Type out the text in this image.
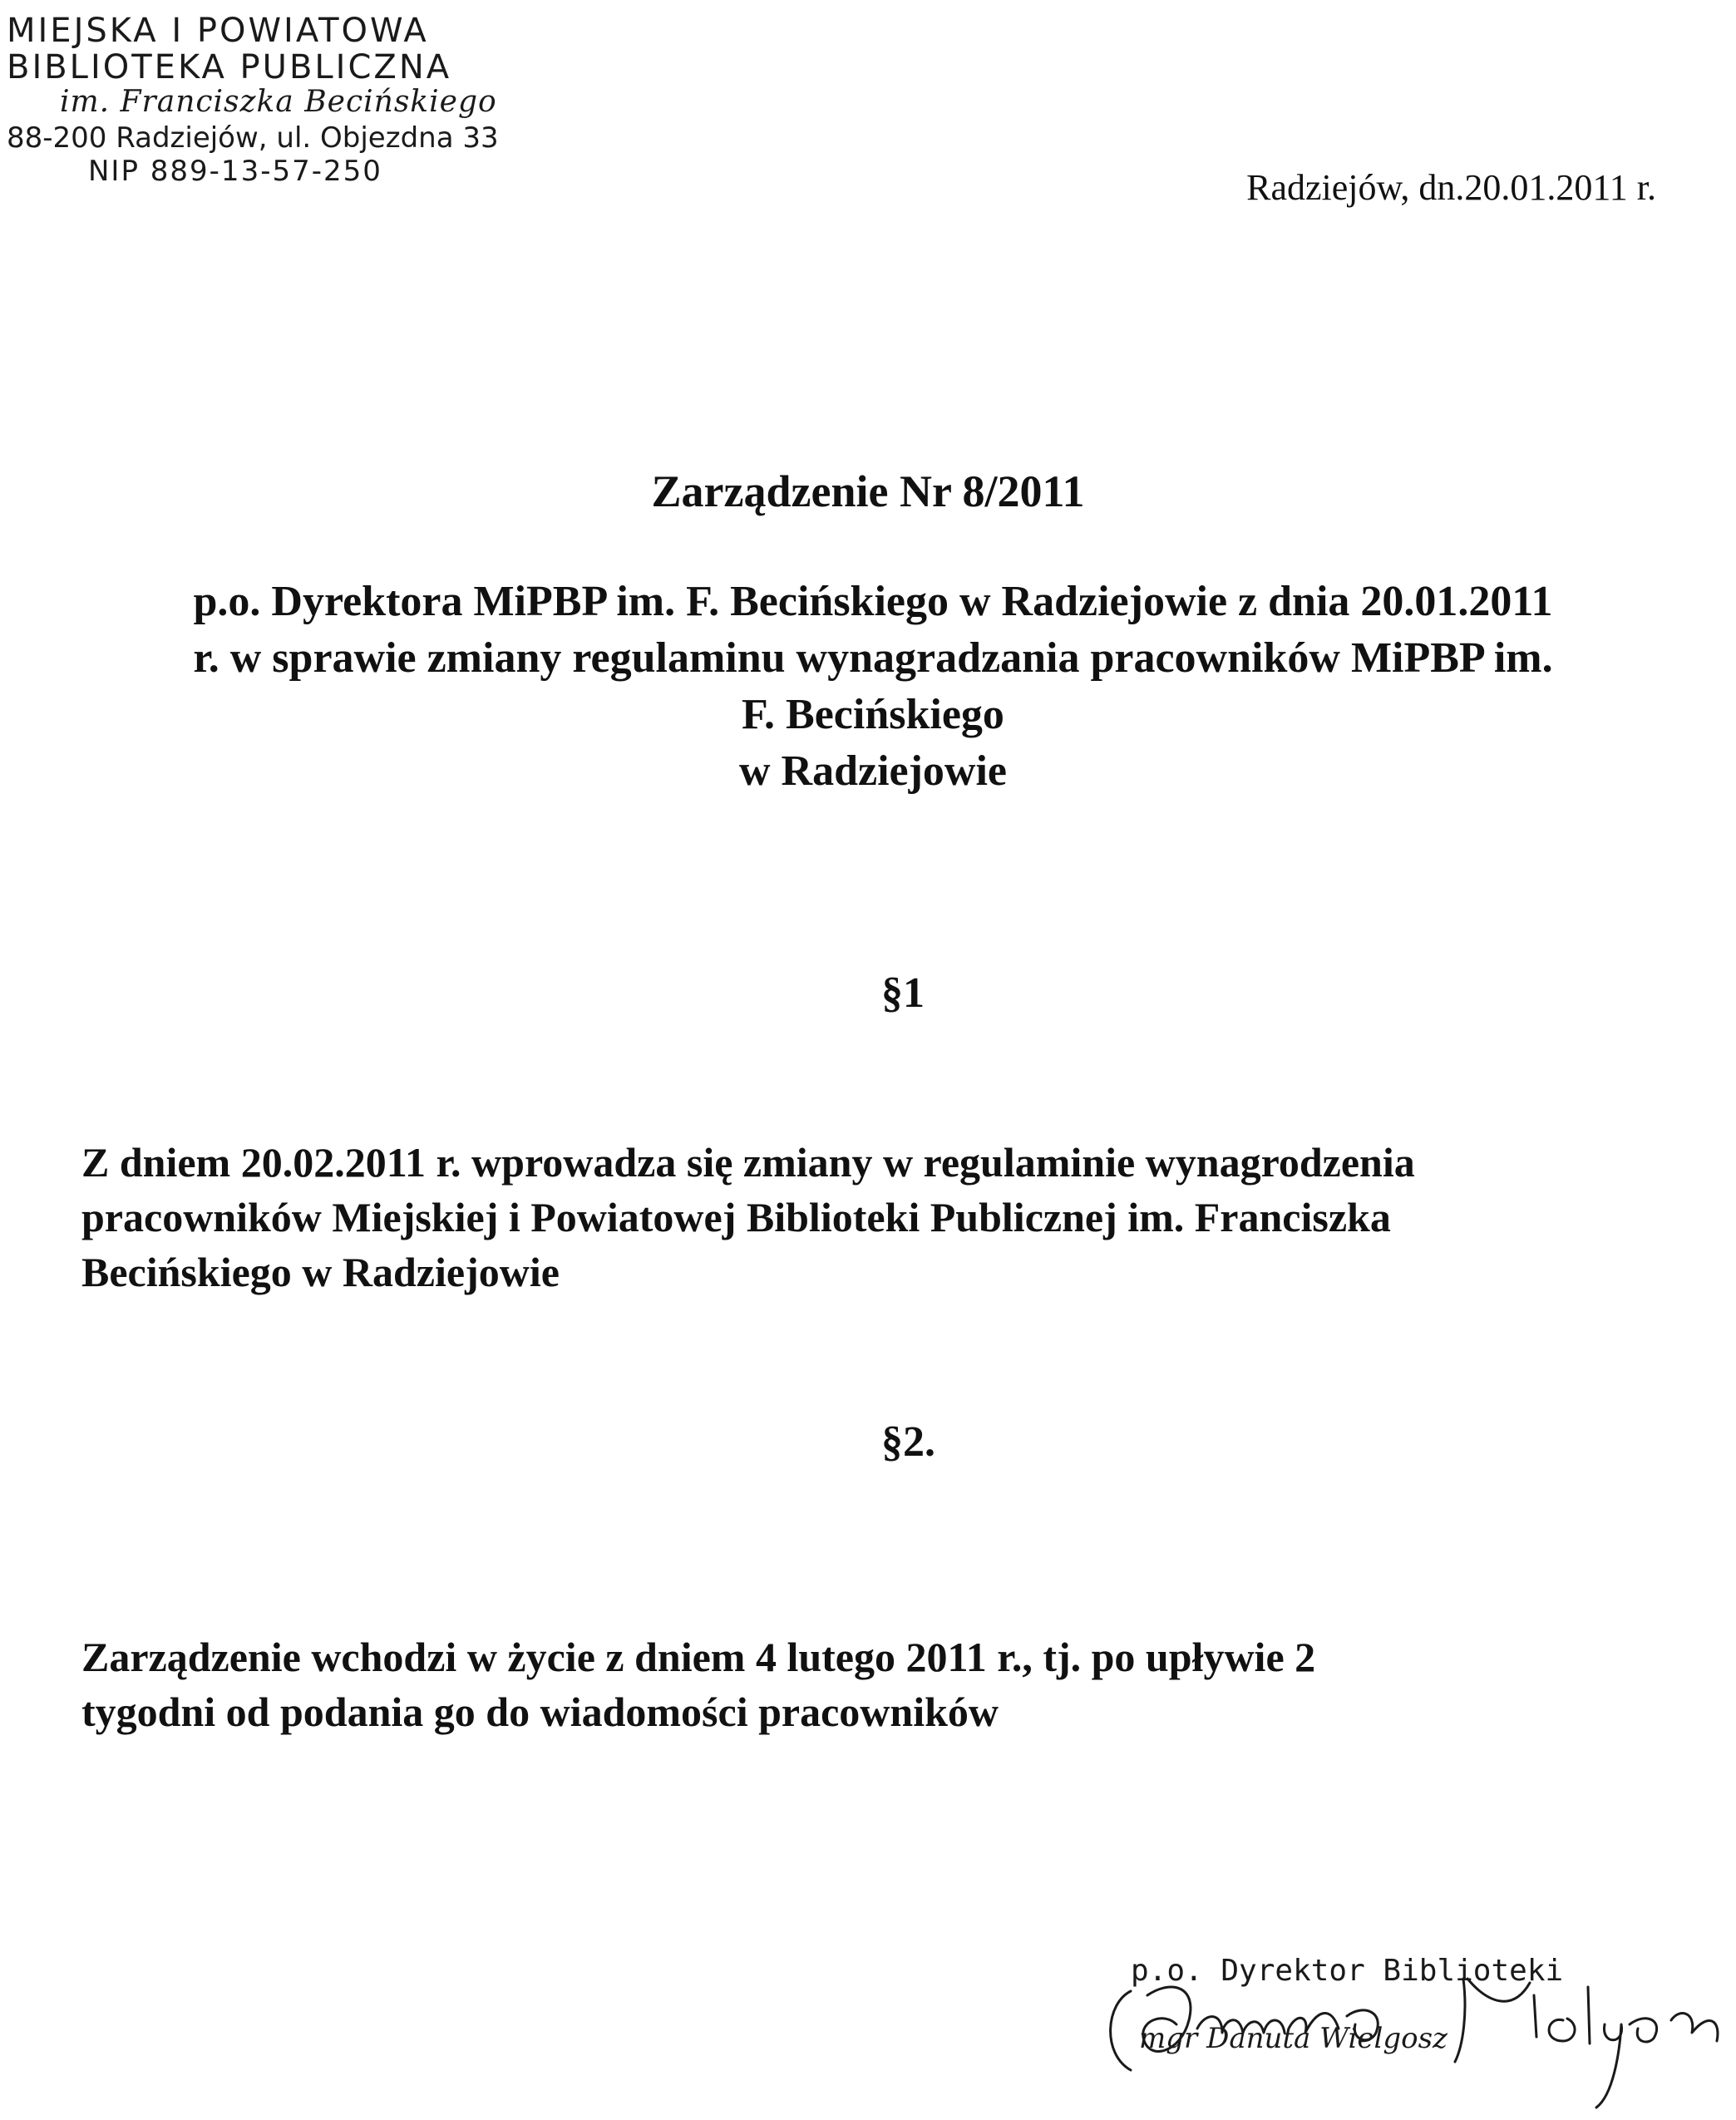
MIEJSKA I POWIATOWA
BIBLIOTEKA PUBLICZNA
im. Franciszka Becińskiego
88-200 Radziejów, ul. Objezdna 33
NIP 889-13-57-250	Radziejów, dn.20.01.2011 r.
Zarządzenie Nr 8/2011
p.o. Dyrektora MiPBP im. F. Becińskiego w Radziejowie z dnia 20.01.2011
r. w sprawie zmiany regulaminu wynagradzania pracowników MiPBP im.
F. Becińskiego
w Radziejowie
§1
Z dniem 20.02.2011 r. wprowadza się zmiany w regulaminie wynagrodzenia
pracowników Miejskiej i Powiatowej Biblioteki Publicznej im. Franciszka
Becińskiego w Radziejowie
§2.
Zarządzenie wchodzi w życie z dniem 4 lutego 2011 r., tj. po upływie 2
tygodni od podania go do wiadomości pracowników
p.o. Dyrektor Biblioteki
mgr Danuta Wielgosz
